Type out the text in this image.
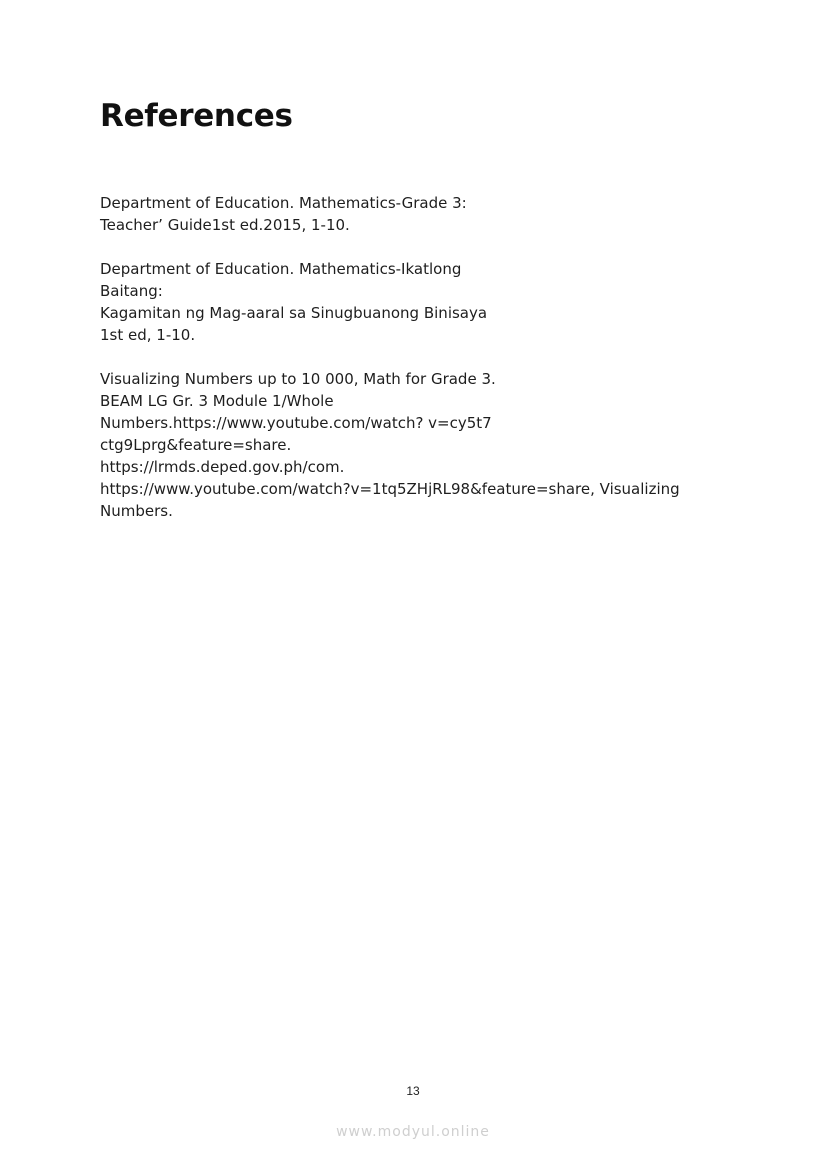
References
Department of Education. Mathematics-Grade 3:
Teacher’ Guide1st ed.2015, 1-10.
Department of Education. Mathematics-Ikatlong
Baitang:
Kagamitan ng Mag-aaral sa Sinugbuanong Binisaya
1st ed, 1-10.
Visualizing Numbers up to 10 000, Math for Grade 3.
BEAM LG Gr. 3 Module 1/Whole
Numbers.https://www.youtube.com/watch? v=cy5t7
ctg9Lprg&feature=share.
https://lrmds.deped.gov.ph/com.
https://www.youtube.com/watch?v=1tq5ZHjRL98&feature=share, Visualizing
Numbers.
13
www.modyul.online
